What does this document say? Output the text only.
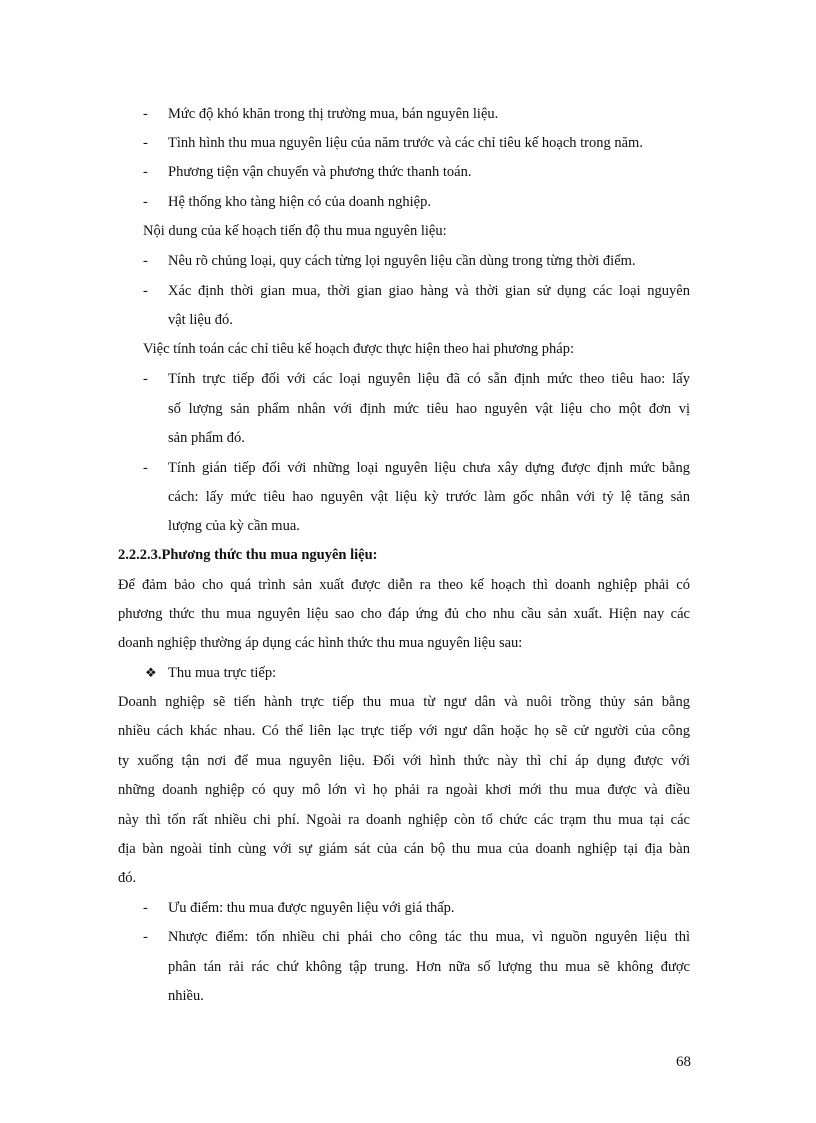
- Mức độ khó khăn trong thị trường mua, bán nguyên liệu.
- Tình hình thu mua nguyên liệu của năm trước và các chỉ tiêu kế hoạch trong năm.
- Phương tiện vận chuyển và phương thức thanh toán.
- Hệ thống kho tàng hiện có của doanh nghiệp.
Nội dung của kế hoạch tiến độ thu mua nguyên liệu:
- Nêu rõ chủng loại, quy cách từng lọi nguyên liệu cần dùng trong từng thời điểm.
- Xác định thời gian mua, thời gian giao hàng và thời gian sử dụng các loại nguyên
vật liệu đó.
Việc tính toán các chỉ tiêu kế hoạch được thực hiện theo hai phương pháp:
- Tính trực tiếp đối với các loại nguyên liệu đã có sẵn định mức theo tiêu hao: lấy
số lượng sản phẩm nhân với định mức tiêu hao nguyên vật liệu cho một đơn vị
sản phẩm đó.
- Tính gián tiếp đối với những loại nguyên liệu chưa xây dựng được định mức bằng
cách: lấy mức tiêu hao nguyên vật liệu kỳ trước làm gốc nhân với tỷ lệ tăng sản
lượng của kỳ cần mua.
2.2.2.3.Phương thức thu mua nguyên liệu:
Để đảm bảo cho quá trình sản xuất được diễn ra theo kế hoạch thì doanh nghiệp phải có
phương thức thu mua nguyên liệu sao cho đáp ứng đủ cho nhu cầu sản xuất. Hiện nay các
doanh nghiệp thường áp dụng các hình thức thu mua nguyên liệu sau:
❖ Thu mua trực tiếp:
Doanh nghiệp sẽ tiến hành trực tiếp thu mua từ ngư dân và nuôi trồng thủy sản bằng
nhiều cách khác nhau. Có thể liên lạc trực tiếp với ngư dân hoặc họ sẽ cử người của công
ty xuống tận nơi để mua nguyên liệu. Đối với hình thức này thì chỉ áp dụng được với
những doanh nghiệp có quy mô lớn vì họ phải ra ngoài khơi mới thu mua được và điều
này thì tốn rất nhiều chi phí. Ngoài ra doanh nghiệp còn tổ chức các trạm thu mua tại các
địa bàn ngoài tỉnh cùng với sự giám sát của cán bộ thu mua của doanh nghiệp tại địa bàn
đó.
- Ưu điểm: thu mua được nguyên liệu với giá thấp.
- Nhược điểm: tốn nhiều chi phái cho công tác thu mua, vì nguồn nguyên liệu thì
phân tán rải rác chứ không tập trung. Hơn nữa số lượng thu mua sẽ không được
nhiều.
68
